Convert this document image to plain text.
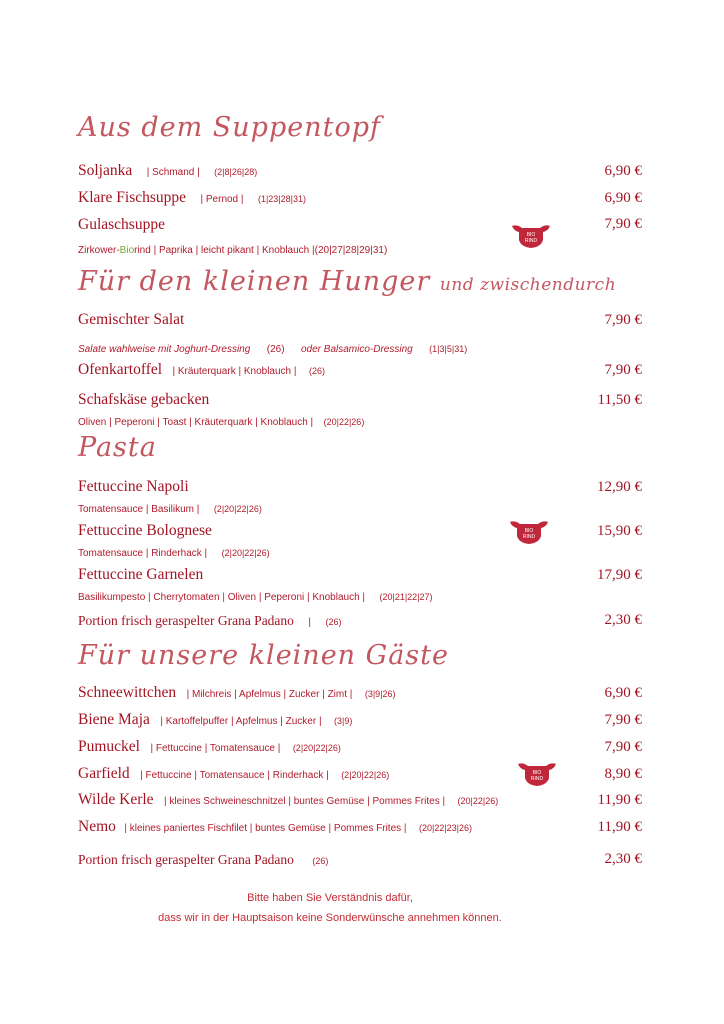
Aus dem Suppentopf
Soljanka | Schmand | (2|8|26|28)	6,90 €
Klare Fischsuppe | Pernod | (1|23|28|31)	6,90 €
Gulaschsuppe	7,90 €
Zirkower-Biorind | Paprika | leicht pikant | Knoblauch |(20|27|28|29|31)
Für den kleinen Hunger und zwischendurch
Gemischter Salat	7,90 €
Salate wahlweise mit Joghurt-Dressing (26) oder Balsamico-Dressing (1|3|5|31)
Ofenkartoffel | Kräuterquark | Knoblauch | (26)	7,90 €
Schafskäse gebacken	11,50 €
Oliven | Peperoni | Toast | Kräuterquark | Knoblauch | (20|22|26)
Pasta
Fettuccine Napoli	12,90 €
Tomatensauce | Basilikum | (2|20|22|26)
Fettuccine Bolognese	15,90 €
Tomatensauce | Rinderhack | (2|20|22|26)
Fettuccine Garnelen	17,90 €
Basilikumpesto | Cherrytomaten | Oliven | Peperoni | Knoblauch | (20|21|22|27)
Portion frisch geraspelter Grana Padano | (26)	2,30 €
Für unsere kleinen Gäste
Schneewittchen | Milchreis | Apfelmus | Zucker | Zimt | (3|9|26)	6,90 €
Biene Maja | Kartoffelpuffer | Apfelmus | Zucker | (3|9)	7,90 €
Pumuckel | Fettuccine | Tomatensauce | (2|20|22|26)	7,90 €
Garfield | Fettuccine | Tomatensauce | Rinderhack | (2|20|22|26)	8,90 €
Wilde Kerle | kleines Schweineschnitzel | buntes Gemüse | Pommes Frites | (20|22|26)	11,90 €
Nemo | kleines paniertes Fischfilet | buntes Gemüse | Pommes Frites | (20|22|23|26)	11,90 €
Portion frisch geraspelter Grana Padano (26)	2,30 €
Bitte haben Sie Verständnis dafür,
dass wir in der Hauptsaison keine Sonderwünsche annehmen können.
BIO
RIND
BIO
RIND
BIO
RIND
